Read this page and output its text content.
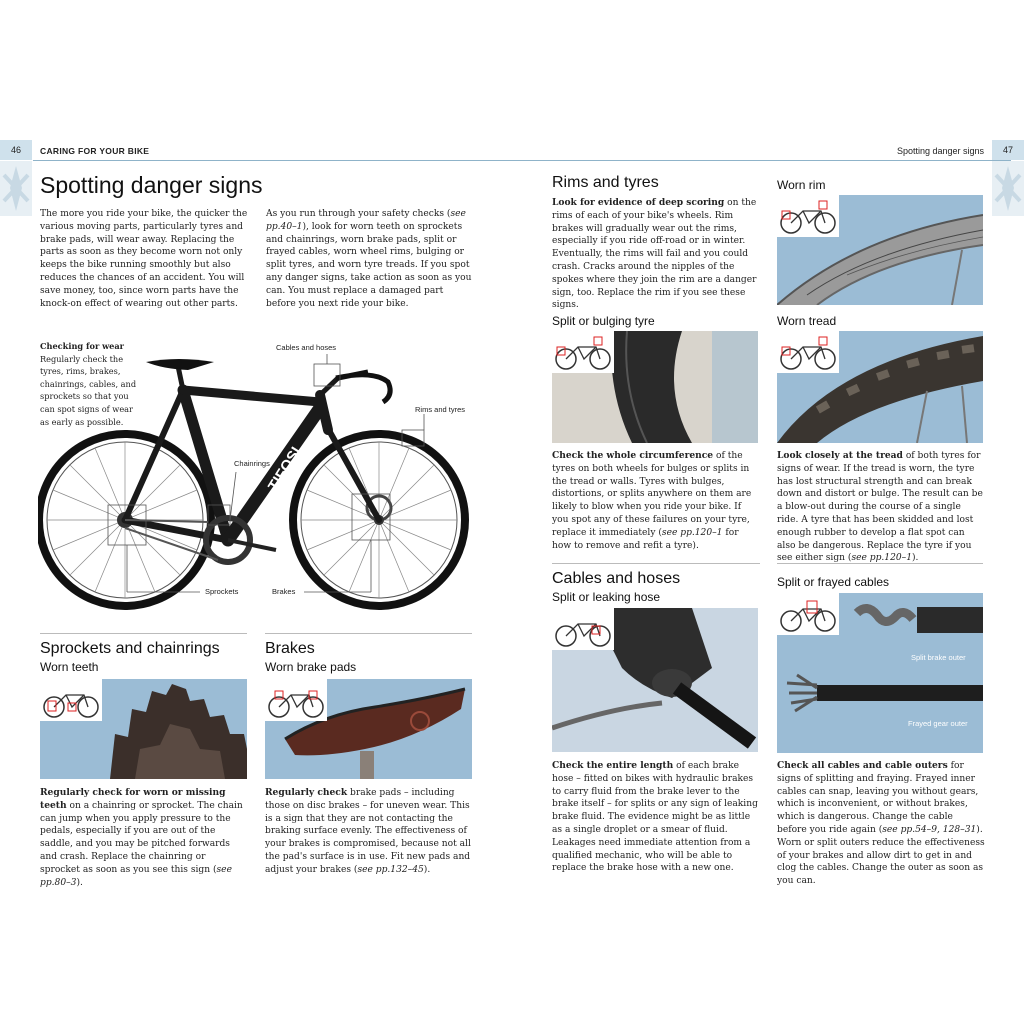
46	CARING FOR YOUR BIKE	Spotting danger signs	47
Spotting danger signs
The more you ride your bike, the quicker the various moving parts, particularly tyres and brake pads, will wear away. Replacing the parts as soon as they become worn not only keeps the bike running smoothly but also reduces the chances of an accident. You will save money, too, since worn parts have the knock-on effect of wearing out other parts.
As you run through your safety checks (see pp.40–1), look for worn teeth on sprockets and chainrings, worn brake pads, split or frayed cables, worn wheel rims, bulging or split tyres, and worn tyre treads. If you spot any danger signs, take action as soon as you can. You must replace a damaged part before you next ride your bike.
Checking for wear
Regularly check the tyres, rims, brakes, chainrings, cables, and sprockets so that you can spot signs of wear as early as possible.
TIFOSI
Cables and hoses
Rims and tyres
Chainrings
Sprockets	Brakes
Sprockets and chainrings
Worn teeth
Regularly check for worn or missing teeth on a chainring or sprocket. The chain can jump when you apply pressure to the pedals, especially if you are out of the saddle, and you may be pitched forwards and crash. Replace the chainring or sprocket as soon as you see this sign (see pp.80–3).
Brakes
Worn brake pads
Regularly check brake pads – including those on disc brakes – for uneven wear. This is a sign that they are not contacting the braking surface evenly. The effectiveness of your brakes is compromised, because not all the pad's surface is in use. Fit new pads and adjust your brakes (see pp.132–45).
Rims and tyres
Look for evidence of deep scoring on the rims of each of your bike's wheels. Rim brakes will gradually wear out the rims, especially if you ride off-road or in winter. Eventually, the rims will fail and you could crash. Cracks around the nipples of the spokes where they join the rim are a danger sign, too. Replace the rim if you see these signs.
Worn rim
Split or bulging tyre
Check the whole circumference of the tyres on both wheels for bulges or splits in the tread or walls. Tyres with bulges, distortions, or splits anywhere on them are likely to blow when you ride your bike. If you spot any of these failures on your tyre, replace it immediately (see pp.120–1 for how to remove and refit a tyre).
Worn tread
Look closely at the tread of both tyres for signs of wear. If the tread is worn, the tyre has lost structural strength and can break down and distort or bulge. The result can be a blow-out during the course of a single ride. A tyre that has been skidded and lost enough rubber to develop a flat spot can also be dangerous. Replace the tyre if you see either sign (see pp.120–1).
Cables and hoses
Split or leaking hose
Check the entire length of each brake hose – fitted on bikes with hydraulic brakes to carry fluid from the brake lever to the brake itself – for splits or any sign of leaking brake fluid. The evidence might be as little as a single droplet or a smear of fluid. Leakages need immediate attention from a qualified mechanic, who will be able to replace the brake hose with a new one.
Split or frayed cables
Split brake outer
Frayed gear outer
Check all cables and cable outers for signs of splitting and fraying. Frayed inner cables can snap, leaving you without gears, which is inconvenient, or without brakes, which is dangerous. Change the cable before you ride again (see pp.54–9, 128–31). Worn or split outers reduce the effectiveness of your brakes and allow dirt to get in and clog the cables. Change the outer as soon as you can.
